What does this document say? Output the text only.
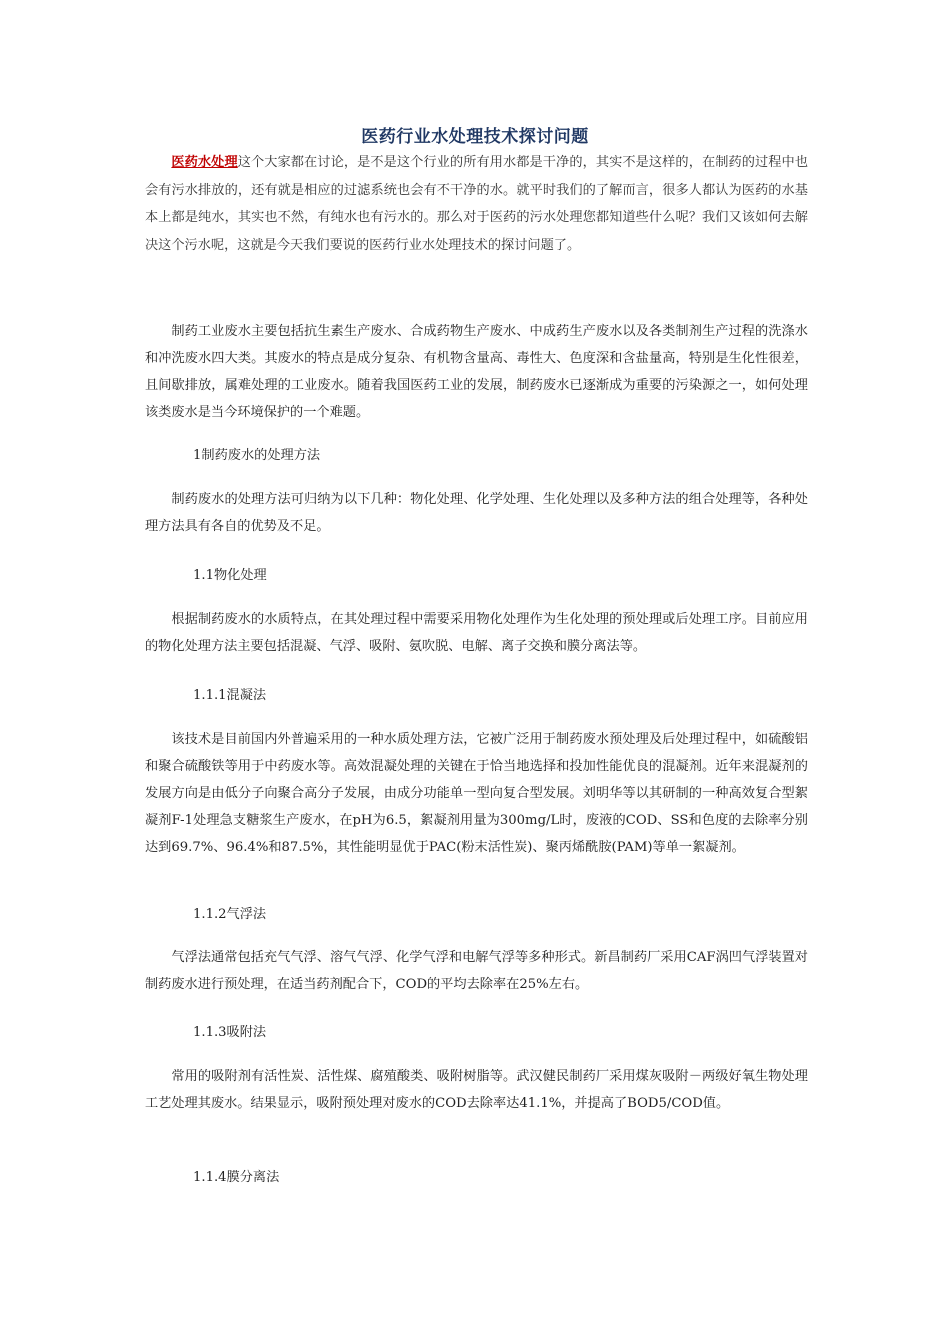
医药行业水处理技术探讨问题

医药水处理这个大家都在讨论，是不是这个行业的所有用水都是干净的，其实不是这样的，在制药的过程中也会有污水排放的，还有就是相应的过滤系统也会有不干净的水。就平时我们的了解而言，很多人都认为医药的水基本上都是纯水，其实也不然，有纯水也有污水的。那么对于医药的污水处理您都知道些什么呢？我们又该如何去解决这个污水呢，这就是今天我们要说的医药行业水处理技术的探讨问题了。

制药工业废水主要包括抗生素生产废水、合成药物生产废水、中成药生产废水以及各类制剂生产过程的洗涤水和冲洗废水四大类。其废水的特点是成分复杂、有机物含量高、毒性大、色度深和含盐量高，特别是生化性很差，且间歇排放，属难处理的工业废水。随着我国医药工业的发展，制药废水已逐渐成为重要的污染源之一，如何处理该类废水是当今环境保护的一个难题。

1制药废水的处理方法

制药废水的处理方法可归纳为以下几种：物化处理、化学处理、生化处理以及多种方法的组合处理等，各种处理方法具有各自的优势及不足。

1.1物化处理

根据制药废水的水质特点，在其处理过程中需要采用物化处理作为生化处理的预处理或后处理工序。目前应用的物化处理方法主要包括混凝、气浮、吸附、氨吹脱、电解、离子交换和膜分离法等。

1.1.1混凝法

该技术是目前国内外普遍采用的一种水质处理方法，它被广泛用于制药废水预处理及后处理过程中，如硫酸铝和聚合硫酸铁等用于中药废水等。高效混凝处理的关键在于恰当地选择和投加性能优良的混凝剂。近年来混凝剂的发展方向是由低分子向聚合高分子发展，由成分功能单一型向复合型发展。刘明华等以其研制的一种高效复合型絮凝剂F-1处理急支糖浆生产废水，在pH为6.5，絮凝剂用量为300mg/L时，废液的COD、SS和色度的去除率分别达到69.7%、96.4%和87.5%，其性能明显优于PAC(粉末活性炭)、聚丙烯酰胺(PAM)等单一絮凝剂。

1.1.2气浮法

气浮法通常包括充气气浮、溶气气浮、化学气浮和电解气浮等多种形式。新昌制药厂采用CAF涡凹气浮装置对制药废水进行预处理，在适当药剂配合下，COD的平均去除率在25%左右。

1.1.3吸附法

常用的吸附剂有活性炭、活性煤、腐殖酸类、吸附树脂等。武汉健民制药厂采用煤灰吸附－两级好氧生物处理工艺处理其废水。结果显示，吸附预处理对废水的COD去除率达41.1%，并提高了BOD5/COD值。

1.1.4膜分离法
